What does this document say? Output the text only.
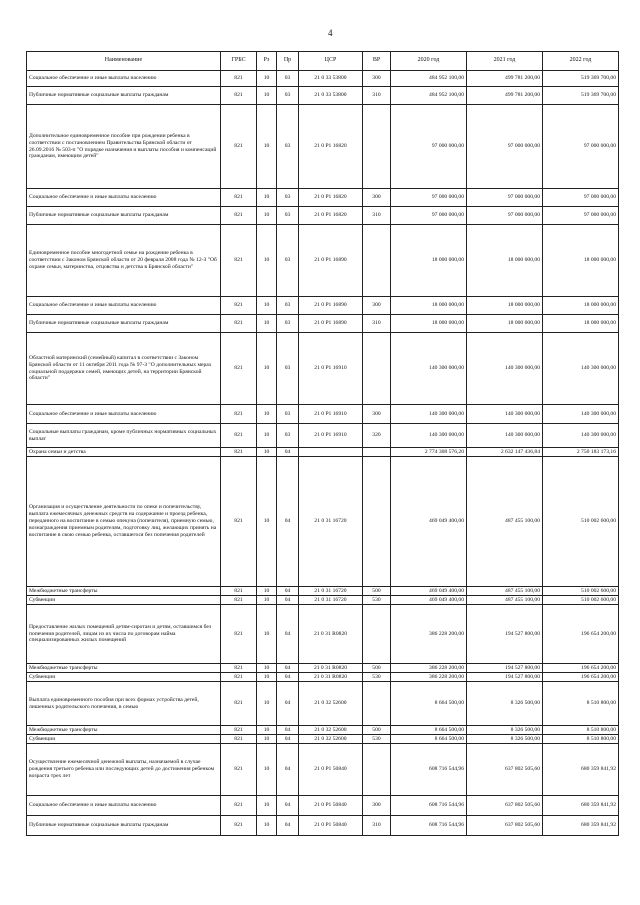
4
Наименование	ГРБС	Рз	Пр	ЦСР	ВР	2020 год	2021 год	2022 год
Социальное обеспечение и иные выплаты населению	821	10	03	21 0 33 53800	300	484 952 100,00	499 781 200,00	519 369 700,00
Публичные нормативные социальные выплаты гражданам	821	10	03	21 0 33 53800	310	484 952 100,00	499 781 200,00	519 369 700,00
Дополнительное единовременное пособие при рождении ребенка в соответствии с постановлением Правительства Брянской области от 26.09.2016 № 503-п "О порядке назначения и выплаты пособия и компенсаций гражданам, имеющим детей"	821	10	03	21 0 P1 16820		97 000 000,00	97 000 000,00	97 000 000,00
Социальное обеспечение и иные выплаты населению	821	10	03	21 0 P1 16820	300	97 000 000,00	97 000 000,00	97 000 000,00
Публичные нормативные социальные выплаты гражданам	821	10	03	21 0 P1 16820	310	97 000 000,00	97 000 000,00	97 000 000,00
Единовременное пособие многодетной семье на рождение ребенка в соответствии с Законом Брянской области от 20 февраля 2008 года № 12-З "Об охране семьи, материнства, отцовства и детства в Брянской области"	821	10	03	21 0 P1 16890		18 000 000,00	18 000 000,00	18 000 000,00
Социальное обеспечение и иные выплаты населению	821	10	03	21 0 P1 16890	300	18 000 000,00	18 000 000,00	18 000 000,00
Публичные нормативные социальные выплаты гражданам	821	10	03	21 0 P1 16890	310	18 000 000,00	18 000 000,00	18 000 000,00
Областной материнский (семейный) капитал в соответствии с Законом Брянской области от 11 октября 2011 года № 97-З "О дополнительных мерах социальной поддержки семей, имеющих детей, на территории Брянской области"	821	10	03	21 0 P1 16910		140 300 000,00	140 300 000,00	140 300 000,00
Социальное обеспечение и иные выплаты населению	821	10	03	21 0 P1 16910	300	140 300 000,00	140 300 000,00	140 300 000,00
Социальные выплаты гражданам, кроме публичных нормативных социальных выплат	821	10	03	21 0 P1 16910	320	140 300 000,00	140 300 000,00	140 300 000,00
Охрана семьи и детства	821	10	04			2 774 308 576,20	2 632 147 436,84	2 750 183 173,16
Организация и осуществление деятельности по опеке и попечительству, выплата ежемесячных денежных средств на содержание и проезд ребенка, переданного на воспитание в семью опекуна (попечителя), приемную семью, вознаграждения приемным родителям, подготовку лиц, желающих принять на воспитание в свою семью ребенка, оставшегося без попечения родителей	821	10	04	21 0 31 16720		469 049 400,00	487 455 100,00	510 002 600,00
Межбюджетные трансферты	821	10	04	21 0 31 16720	500	469 049 400,00	487 455 100,00	510 002 600,00
Субвенции	821	10	04	21 0 31 16720	530	469 049 400,00	487 455 100,00	510 002 600,00
Предоставление жилых помещений детям-сиротам и детям, оставшимся без попечения родителей, лицам из их числа по договорам найма специализированных жилых помещений	821	10	04	21 0 31 R0820		386 228 200,00	194 527 800,00	196 654 200,00
Межбюджетные трансферты	821	10	04	21 0 31 R0820	500	386 228 200,00	194 527 800,00	196 654 200,00
Субвенции	821	10	04	21 0 31 R0820	530	386 228 200,00	194 527 800,00	196 654 200,00
Выплата единовременного пособия при всех формах устройства детей, лишенных родительского попечения, в семью	821	10	04	21 0 32 52600		8 664 500,00	8 326 500,00	8 510 800,00
Межбюджетные трансферты	821	10	04	21 0 32 52600	500	8 664 500,00	8 326 500,00	8 510 800,00
Субвенции	821	10	04	21 0 32 52600	530	8 664 500,00	8 326 500,00	8 510 800,00
Осуществление ежемесячной денежной выплаты, назначаемой в случае рождения третьего ребенка или последующих детей до достижения ребенком возраста трех лет	821	10	04	21 0 P1 50840		608 716 544,96	637 802 505,60	680 359 841,92
Социальное обеспечение и иные выплаты населению	821	10	04	21 0 P1 50840	300	608 716 544,96	637 802 505,60	680 359 841,92
Публичные нормативные социальные выплаты гражданам	821	10	04	21 0 P1 50840	310	608 716 544,96	637 802 505,60	680 359 841,92
